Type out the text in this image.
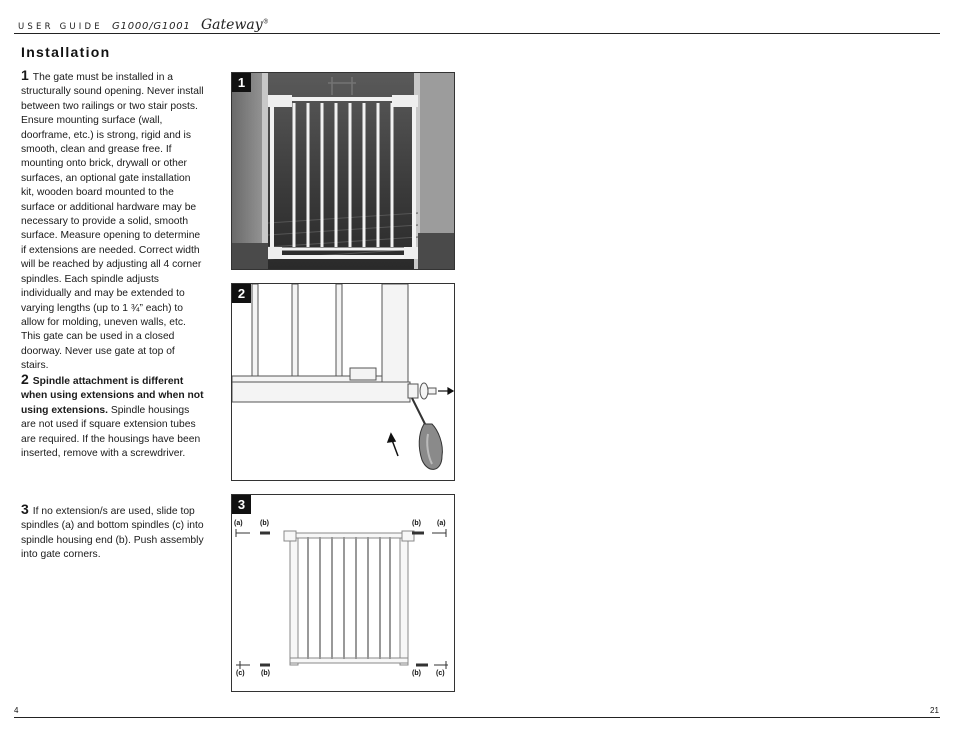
USER GUIDE G1000/G1001 Gateway®
Installation
1 The gate must be installed in a structurally sound opening. Never install between two railings or two stair posts. Ensure mounting surface (wall, doorframe, etc.) is strong, rigid and is smooth, clean and grease free. If mounting onto brick, drywall or other surfaces, an optional gate installation kit, wooden board mounted to the surface or additional hardware may be necessary to provide a solid, smooth surface. Measure opening to determine if extensions are needed. Correct width will be reached by adjusting all 4 corner spindles. Each spindle adjusts individually and may be extended to varying lengths (up to 1 ¾” each) to allow for molding, uneven walls, etc. This gate can be used in a closed doorway. Never use gate at top of stairs.
2 Spindle attachment is different when using extensions and when not using extensions. Spindle housings are not used if square extension tubes are required. If the housings have been inserted, remove with a screwdriver.
3 If no extension/s are used, slide top spindles (a) and bottom spindles (c) into spindle housing end (b). Push assembly into gate corners.
1
2
3
(a) (b)	(b) (a)
(c) (b)	(b) (c)
4	21
